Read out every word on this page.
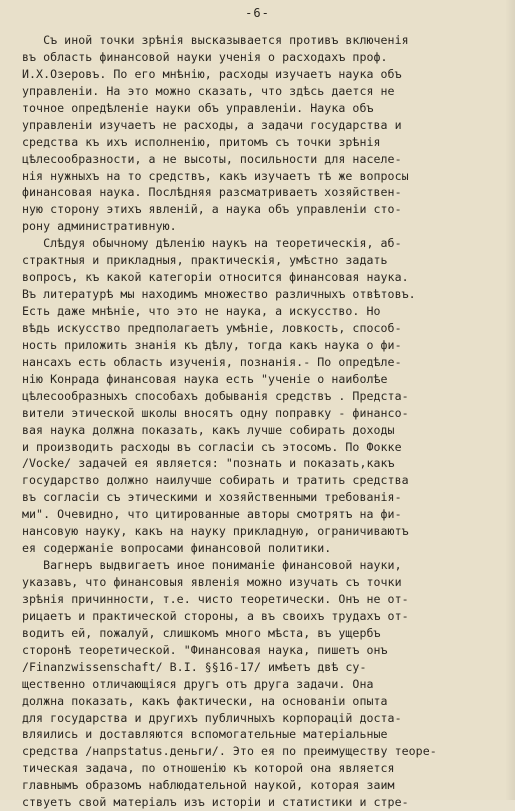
-6-
Съ иной точки зрѣнія высказывается противъ включенія
въ область финансовой науки ученія о расходахъ проф.
И.Х.Озеровъ. По его мнѣнію, расходы изучаетъ наука объ
управленіи. На это можно сказать, что здѣсь дается не
точное опредѣленіе науки объ управленіи. Наука объ
управленіи изучаетъ не расходы, а задачи государства и
средства къ ихъ исполненію, притомъ съ точки зрѣнія
цѣлесообразности, а не высоты, посильности для населе-
нія нужныхъ на то средствъ, какъ изучаетъ тѣ же вопросы
финансовая наука. Послѣдняя разсматриваетъ хозяйствен-
ную сторону этихъ явленій, а наука объ управленіи сто-
рону административную.
Слѣдуя обычному дѣленію наукъ на теоретическія, аб-
страктныя и прикладныя, практическія, умѣстно задать
вопросъ, къ какой категоріи относится финансовая наука.
Въ литературѣ мы находимъ множество различныхъ отвѣтовъ.
Есть даже мнѣніе, что это не наука, а искусство. Но
вѣдь искусство предполагаетъ умѣніе, ловкость, способ-
ность приложить знанія къ дѣлу, тогда какъ наука о фи-
нансахъ есть область изученія, познанія.- По опредѣле-
нію Конрада финансовая наука есть "ученіе о наиболѣе
цѣлесообразныхъ способахъ добыванія средствъ . Предста-
вители этической школы вносятъ одну поправку - финансо-
вая наука должна показать, какъ лучше собирать доходы
и производить расходы въ согласіи съ этосомъ. По Фокке
/Vocke/ задачей ея является: "познать и показать,какъ
государство должно наилучше собирать и тратить средства
въ согласіи съ этическими и хозяйственными требованія-
ми". Очевидно, что цитированные авторы смотрятъ на фи-
нансовую науку, какъ на науку прикладную, ограничиваютъ
ея содержаніе вопросами финансовой политики.
Вагнеръ выдвигаетъ иное пониманіе финансовой науки,
указавъ, что финансовыя явленія можно изучать съ точки
зрѣнія причинности, т.е. чисто теоретически. Онъ не от-
рицаетъ и практической стороны, а въ своихъ трудахъ от-
водитъ ей, пожалуй, слишкомъ много мѣста, въ ущербъ
сторонѣ теоретической. "Финансовая наука, пишетъ онъ
/Finanzwissenschaft/ B.I. §§16-17/ имѣетъ двѣ су-
щественно отличающіяся другъ отъ друга задачи. Она
должна показать, какъ фактически, на основаніи опыта
для государства и другихъ публичныхъ корпорацій доста-
вляились и доставляются вспомогательные матеріальные
средства /напрstatus.деньги/. Это ея по преимуществу теоре-
тическая задача, по отношенію къ которой она является
главнымъ образомъ наблюдательной наукой, которая заим
ствуетъ свой матеріалъ изъ исторіи и статистики и стре-
